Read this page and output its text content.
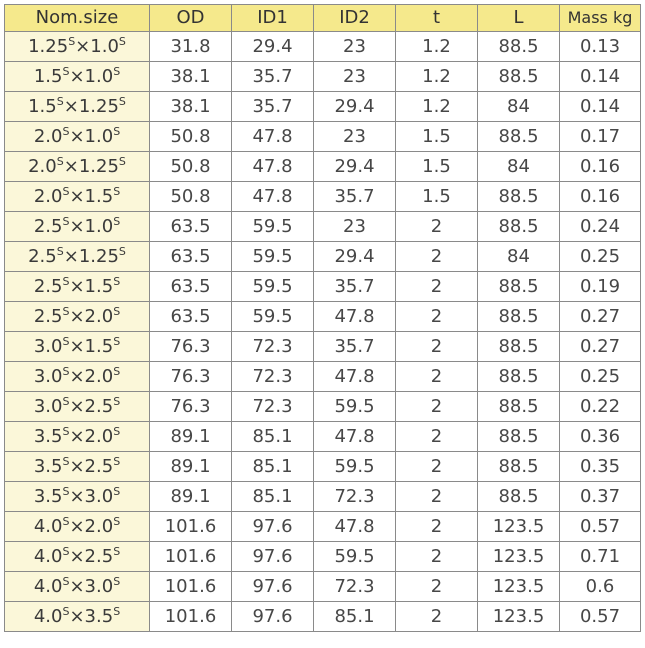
Nom.size	OD	ID1	ID2	t	L	Mass kg
$1.25^S\times 1.0^S$	31.8	29.4	23	1.2	88.5	0.13
$1.5^S\times 1.0^S$	38.1	35.7	23	1.2	88.5	0.14
$1.5^S\times 1.25^S$	38.1	35.7	29.4	1.2	84	0.14
$2.0^S\times 1.0^S$	50.8	47.8	23	1.5	88.5	0.17
$2.0^S\times 1.25^S$	50.8	47.8	29.4	1.5	84	0.16
$2.0^S\times 1.5^S$	50.8	47.8	35.7	1.5	88.5	0.16
$2.5^S\times 1.0^S$	63.5	59.5	23	2	88.5	0.24
$2.5^S\times 1.25^S$	63.5	59.5	29.4	2	84	0.25
$2.5^S\times 1.5^S$	63.5	59.5	35.7	2	88.5	0.19
$2.5^S\times 2.0^S$	63.5	59.5	47.8	2	88.5	0.27
$3.0^S\times 1.5^S$	76.3	72.3	35.7	2	88.5	0.27
$3.0^S\times 2.0^S$	76.3	72.3	47.8	2	88.5	0.25
$3.0^S\times 2.5^S$	76.3	72.3	59.5	2	88.5	0.22
$3.5^S\times 2.0^S$	89.1	85.1	47.8	2	88.5	0.36
$3.5^S\times 2.5^S$	89.1	85.1	59.5	2	88.5	0.35
$3.5^S\times 3.0^S$	89.1	85.1	72.3	2	88.5	0.37
$4.0^S\times 2.0^S$	101.6	97.6	47.8	2	123.5	0.57
$4.0^S\times 2.5^S$	101.6	97.6	59.5	2	123.5	0.71
$4.0^S\times 3.0^S$	101.6	97.6	72.3	2	123.5	0.6
$4.0^S\times 3.5^S$	101.6	97.6	85.1	2	123.5	0.57
